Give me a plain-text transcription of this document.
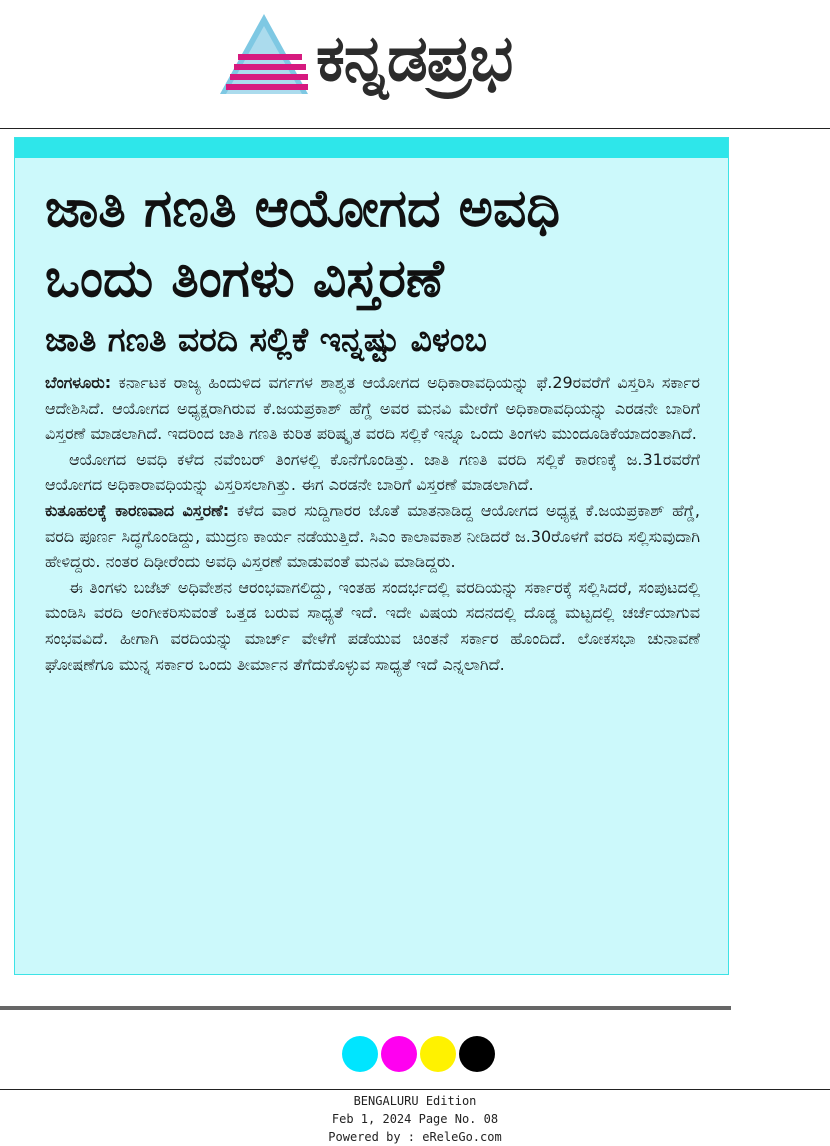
ಕನ್ನಡಪ್ರಭ
ಜಾತಿ ಗಣತಿ ಆಯೋಗದ ಅವಧಿ
ಒಂದು ತಿಂಗಳು ವಿಸ್ತರಣೆ
ಜಾತಿ ಗಣತಿ ವರದಿ ಸಲ್ಲಿಕೆ ಇನ್ನಷ್ಟು ವಿಳಂಬ

ಬೆಂಗಳೂರು: ಕರ್ನಾಟಕ ರಾಜ್ಯ ಹಿಂದುಳಿದ ವರ್ಗಗಳ ಶಾಶ್ವತ ಆಯೋಗದ ಅಧಿಕಾರಾವಧಿಯನ್ನು ಫೆ.29ರವರೆಗೆ ವಿಸ್ತರಿಸಿ ಸರ್ಕಾರ ಆದೇಶಿಸಿದೆ. ಆಯೋಗದ ಅಧ್ಯಕ್ಷರಾಗಿರುವ ಕೆ.ಜಯಪ್ರಕಾಶ್ ಹೆಗ್ಡೆ ಅವರ ಮನವಿ ಮೇರೆಗೆ ಅಧಿಕಾರಾವಧಿಯನ್ನು ಎರಡನೇ ಬಾರಿಗೆ ವಿಸ್ತರಣೆ ಮಾಡಲಾಗಿದೆ. ಇದರಿಂದ ಜಾತಿ ಗಣತಿ ಕುರಿತ ಪರಿಷ್ಕೃತ ವರದಿ ಸಲ್ಲಿಕೆ ಇನ್ನೂ ಒಂದು ತಿಂಗಳು ಮುಂದೂಡಿಕೆಯಾದಂತಾಗಿದೆ.

ಆಯೋಗದ ಅವಧಿ ಕಳೆದ ನವೆಂಬರ್ ತಿಂಗಳಲ್ಲಿ ಕೊನೆಗೊಂಡಿತ್ತು. ಜಾತಿ ಗಣತಿ ವರದಿ ಸಲ್ಲಿಕೆ ಕಾರಣಕ್ಕೆ ಜ.31ರವರೆಗೆ ಆಯೋಗದ ಅಧಿಕಾರಾವಧಿಯನ್ನು ವಿಸ್ತರಿಸಲಾಗಿತ್ತು. ಈಗ ಎರಡನೇ ಬಾರಿಗೆ ವಿಸ್ತರಣೆ ಮಾಡಲಾಗಿದೆ.

ಕುತೂಹಲಕ್ಕೆ ಕಾರಣವಾದ ವಿಸ್ತರಣೆ: ಕಳೆದ ವಾರ ಸುದ್ದಿಗಾರರ ಜೊತೆ ಮಾತನಾಡಿದ್ದ ಆಯೋಗದ ಅಧ್ಯಕ್ಷ ಕೆ.ಜಯಪ್ರಕಾಶ್ ಹೆಗ್ಡೆ, ವರದಿ ಪೂರ್ಣ ಸಿದ್ಧಗೊಂಡಿದ್ದು, ಮುದ್ರಣ ಕಾರ್ಯ ನಡೆಯುತ್ತಿದೆ. ಸಿಎಂ ಕಾಲಾವಕಾಶ ನೀಡಿದರೆ ಜ.30ರೊಳಗೆ ವರದಿ ಸಲ್ಲಿಸುವುದಾಗಿ ಹೇಳಿದ್ದರು. ನಂತರ ದಿಢೀರೆಂದು ಅವಧಿ ವಿಸ್ತರಣೆ ಮಾಡುವಂತೆ ಮನವಿ ಮಾಡಿದ್ದರು.

ಈ ತಿಂಗಳು ಬಜೆಟ್ ಅಧಿವೇಶನ ಆರಂಭವಾಗಲಿದ್ದು, ಇಂತಹ ಸಂದರ್ಭದಲ್ಲಿ ವರದಿಯನ್ನು ಸರ್ಕಾರಕ್ಕೆ ಸಲ್ಲಿಸಿದರೆ, ಸಂಪುಟದಲ್ಲಿ ಮಂಡಿಸಿ ವರದಿ ಅಂಗೀಕರಿಸುವಂತೆ ಒತ್ತಡ ಬರುವ ಸಾಧ್ಯತೆ ಇದೆ. ಇದೇ ವಿಷಯ ಸದನದಲ್ಲಿ ದೊಡ್ಡ ಮಟ್ಟದಲ್ಲಿ ಚರ್ಚೆಯಾಗುವ ಸಂಭವವಿದೆ. ಹೀಗಾಗಿ ವರದಿಯನ್ನು ಮಾರ್ಚ್ ವೇಳೆಗೆ ಪಡೆಯುವ ಚಿಂತನೆ ಸರ್ಕಾರ ಹೊಂದಿದೆ. ಲೋಕಸಭಾ ಚುನಾವಣೆ ಘೋಷಣೆಗೂ ಮುನ್ನ ಸರ್ಕಾರ ಒಂದು ತೀರ್ಮಾನ ತೆಗೆದುಕೊಳ್ಳುವ ಸಾಧ್ಯತೆ ಇದೆ ಎನ್ನಲಾಗಿದೆ.

BENGALURU Edition
Feb 1, 2024 Page No. 08
Powered by : eReleGo.com
